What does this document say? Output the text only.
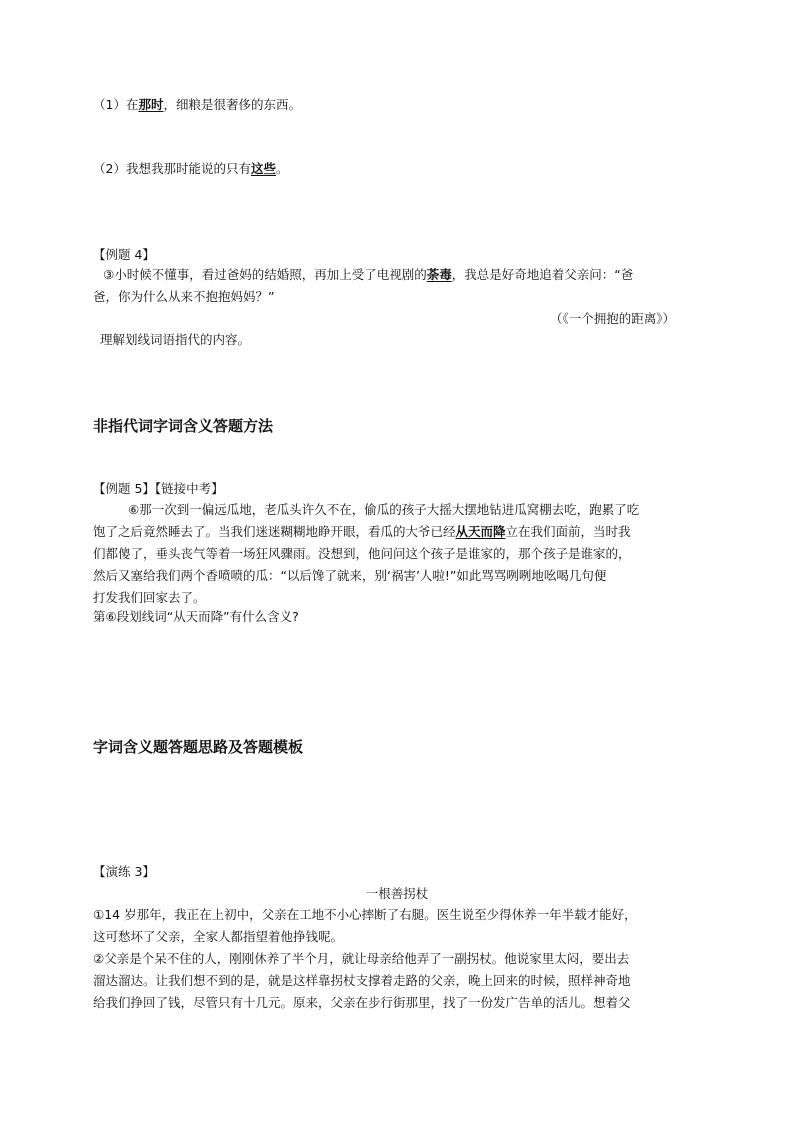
（1）在那时，细粮是很奢侈的东西。
（2）我想我那时能说的只有这些。
【例题 4】
③小时候不懂事，看过爸妈的结婚照，再加上受了电视剧的荼毒，我总是好奇地追着父亲问：“爸
爸，你为什么从来不抱抱妈妈？”
（《一个拥抱的距离》）
理解划线词语指代的内容。
非指代词字词含义答题方法
【例题 5】【链接中考】
⑥那一次到一偏远瓜地，老瓜头许久不在，偷瓜的孩子大摇大摆地钻进瓜窝棚去吃，跑累了吃
饱了之后竟然睡去了。当我们迷迷糊糊地睁开眼，看瓜的大爷已经从天而降立在我们面前，当时我
们都傻了，垂头丧气等着一场狂风骤雨。没想到，他问问这个孩子是谁家的，那个孩子是谁家的，
然后又塞给我们两个香喷喷的瓜：“以后馋了就来，别‘祸害’人啦!”如此骂骂咧咧地吆喝几句便
打发我们回家去了。
第⑥段划线词“从天而降”有什么含义?
字词含义题答题思路及答题模板
【演练 3】
一根善拐杖
①14 岁那年，我正在上初中，父亲在工地不小心摔断了右腿。医生说至少得休养一年半载才能好，
这可愁坏了父亲，全家人都指望着他挣钱呢。
②父亲是个呆不住的人，刚刚休养了半个月，就让母亲给他弄了一副拐杖。他说家里太闷，要出去
溜达溜达。让我们想不到的是，就是这样靠拐杖支撑着走路的父亲，晚上回来的时候，照样神奇地
给我们挣回了钱，尽管只有十几元。原来，父亲在步行街那里，找了一份发广告单的活儿。想着父
